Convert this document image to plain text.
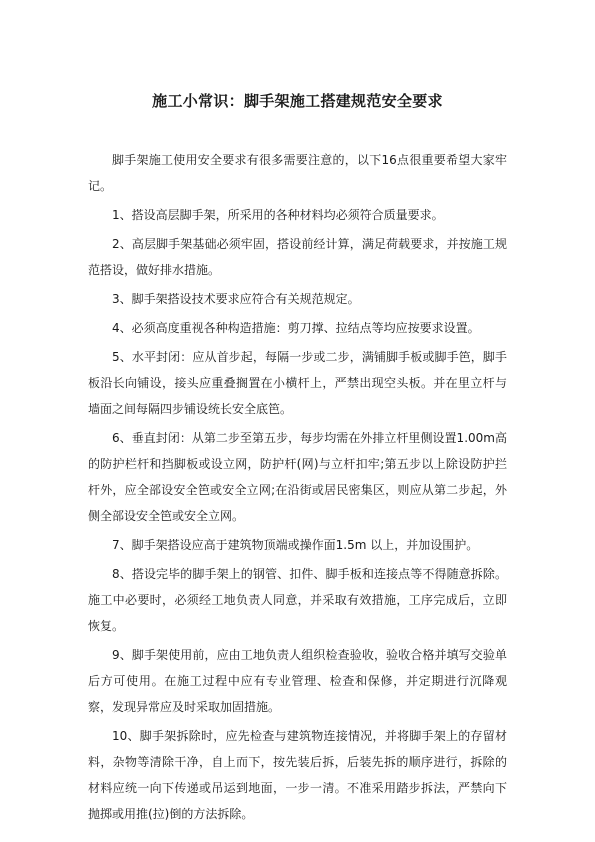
施工小常识：脚手架施工搭建规范安全要求

脚手架施工使用安全要求有很多需要注意的，以下16点很重要希望大家牢记。

1、搭设高层脚手架，所采用的各种材料均必须符合质量要求。

2、高层脚手架基础必须牢固，搭设前经计算，满足荷载要求，并按施工规范搭设，做好排水措施。

3、脚手架搭设技术要求应符合有关规范规定。

4、必须高度重视各种构造措施：剪刀撑、拉结点等均应按要求设置。

5、水平封闭：应从首步起，每隔一步或二步，满铺脚手板或脚手笆，脚手板沿长向铺设，接头应重叠搁置在小横杆上，严禁出现空头板。并在里立杆与墙面之间每隔四步铺设统长安全底笆。

6、垂直封闭：从第二步至第五步，每步均需在外排立杆里侧设置1.00m高的防护栏杆和挡脚板或设立网，防护杆(网)与立杆扣牢;第五步以上除设防护拦杆外，应全部设安全笆或安全立网;在沿街或居民密集区，则应从第二步起，外侧全部设安全笆或安全立网。

7、脚手架搭设应高于建筑物顶端或操作面1.5m 以上，并加设围护。

8、搭设完毕的脚手架上的钢管、扣件、脚手板和连接点等不得随意拆除。施工中必要时，必须经工地负责人同意，并采取有效措施，工序完成后，立即恢复。

9、脚手架使用前，应由工地负责人组织检查验收，验收合格并填写交验单后方可使用。在施工过程中应有专业管理、检查和保修，并定期进行沉降观察，发现异常应及时采取加固措施。

10、脚手架拆除时，应先检查与建筑物连接情况，并将脚手架上的存留材料，杂物等清除干净，自上而下，按先装后拆，后装先拆的顺序进行，拆除的材料应统一向下传递或吊运到地面，一步一清。不准采用踏步拆法，严禁向下抛掷或用推(拉)倒的方法拆除。
